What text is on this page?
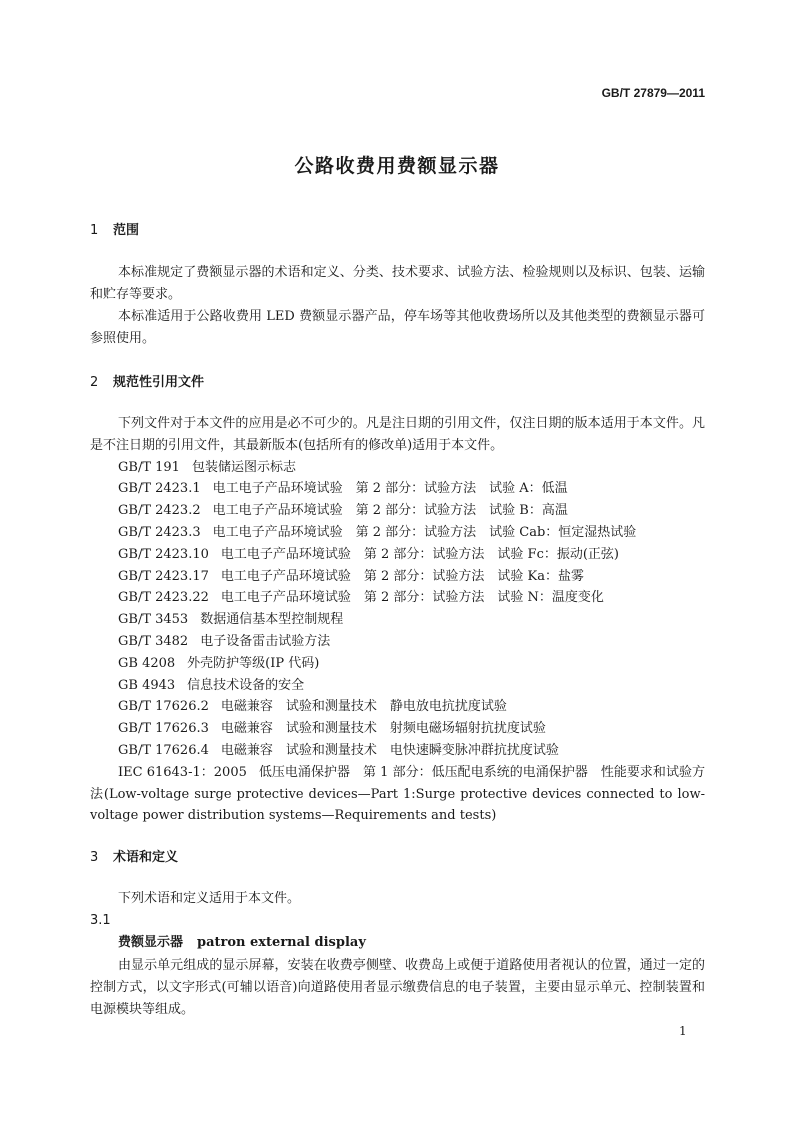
GB/T 27879—2011
公路收费用费额显示器
1 范围

本标准规定了费额显示器的术语和定义、分类、技术要求、试验方法、检验规则以及标识、包装、运输和贮存等要求。

本标准适用于公路收费用 LED 费额显示器产品，停车场等其他收费场所以及其他类型的费额显示器可参照使用。

2 规范性引用文件

下列文件对于本文件的应用是必不可少的。凡是注日期的引用文件，仅注日期的版本适用于本文件。凡是不注日期的引用文件，其最新版本(包括所有的修改单)适用于本文件。

GB/T 191 包装储运图示标志
GB/T 2423.1 电工电子产品环境试验　第 2 部分：试验方法　试验 A：低温
GB/T 2423.2 电工电子产品环境试验　第 2 部分：试验方法　试验 B：高温
GB/T 2423.3 电工电子产品环境试验　第 2 部分：试验方法　试验 Cab：恒定湿热试验
GB/T 2423.10 电工电子产品环境试验　第 2 部分：试验方法　试验 Fc：振动(正弦)
GB/T 2423.17 电工电子产品环境试验　第 2 部分：试验方法　试验 Ka：盐雾
GB/T 2423.22 电工电子产品环境试验　第 2 部分：试验方法　试验 N：温度变化
GB/T 3453 数据通信基本型控制规程
GB/T 3482 电子设备雷击试验方法
GB 4208 外壳防护等级(IP 代码)
GB 4943 信息技术设备的安全
GB/T 17626.2 电磁兼容　试验和测量技术　静电放电抗扰度试验
GB/T 17626.3 电磁兼容　试验和测量技术　射频电磁场辐射抗扰度试验
GB/T 17626.4 电磁兼容　试验和测量技术　电快速瞬变脉冲群抗扰度试验

IEC 61643-1：2005 低压电涌保护器　第 1 部分：低压配电系统的电涌保护器　性能要求和试验方法(Low-voltage surge protective devices—Part 1:Surge protective devices connected to low-voltage power distribution systems—Requirements and tests)

3 术语和定义

下列术语和定义适用于本文件。

3.1
费额显示器 patron external display

由显示单元组成的显示屏幕，安装在收费亭侧壁、收费岛上或便于道路使用者视认的位置，通过一定的控制方式，以文字形式(可辅以语音)向道路使用者显示缴费信息的电子装置，主要由显示单元、控制装置和电源模块等组成。

1
